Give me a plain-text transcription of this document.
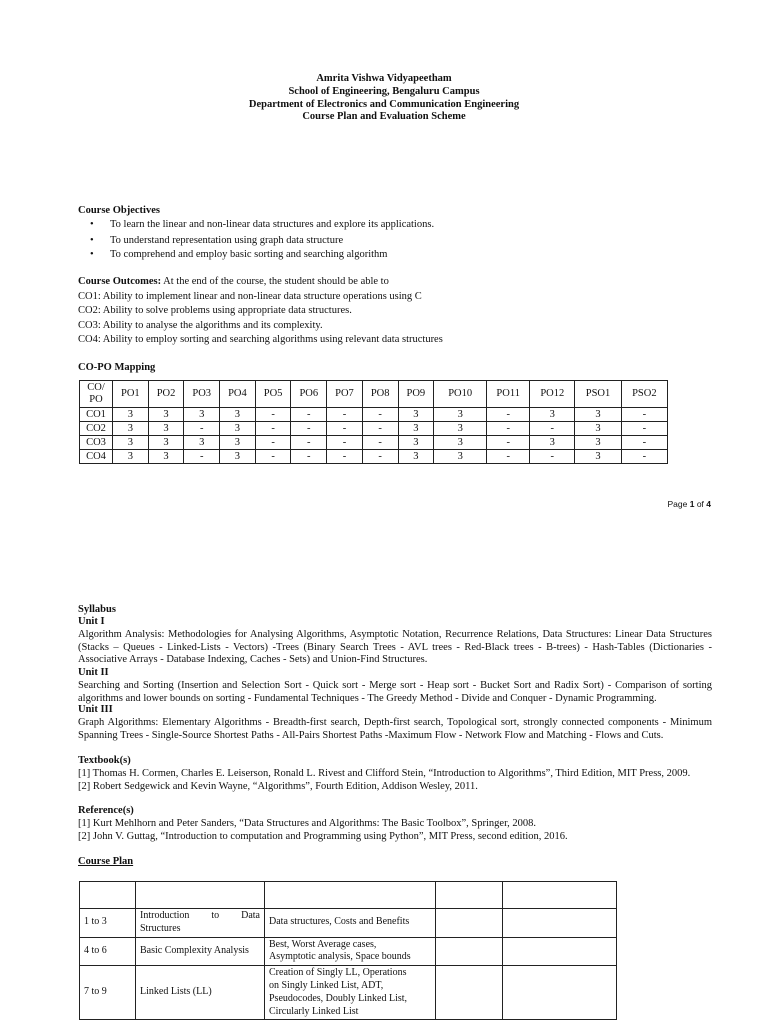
Amrita Vishwa Vidyapeetham
School of Engineering, Bengaluru Campus
Department of Electronics and Communication Engineering
Course Plan and Evaluation Scheme
Course Objectives
• To learn the linear and non-linear data structures and explore its applications.
• To understand representation using graph data structure
• To comprehend and employ basic sorting and searching algorithm
Course Outcomes: At the end of the course, the student should be able to
CO1: Ability to implement linear and non-linear data structure operations using C
CO2: Ability to solve problems using appropriate data structures.
CO3: Ability to analyse the algorithms and its complexity.
CO4: Ability to employ sorting and searching algorithms using relevant data structures
CO-PO Mapping
CO/
PO	PO1	PO2	PO3	PO4	PO5	PO6	PO7	PO8	PO9	PO10	PO11	PO12	PSO1	PSO2
CO1	3	3	3	3	-	-	-	-	3	3	-	3	3	-
CO2	3	3	-	3	-	-	-	-	3	3	-	-	3	-
CO3	3	3	3	3	-	-	-	-	3	3	-	3	3	-
CO4	3	3	-	3	-	-	-	-	3	3	-	-	3	-
Page 1 of 4
Syllabus
Unit I
Algorithm Analysis: Methodologies for Analysing Algorithms, Asymptotic Notation, Recurrence Relations, Data Structures: Linear Data Structures (Stacks – Queues - Linked-Lists - Vectors) -Trees (Binary Search Trees - AVL trees - Red-Black trees - B-trees) - Hash-Tables (Dictionaries - Associative Arrays - Database Indexing, Caches - Sets) and Union-Find Structures.
Unit II
Searching and Sorting (Insertion and Selection Sort - Quick sort - Merge sort - Heap sort - Bucket Sort and Radix Sort) - Comparison of sorting algorithms and lower bounds on sorting - Fundamental Techniques - The Greedy Method - Divide and Conquer - Dynamic Programming.
Unit III
Graph Algorithms: Elementary Algorithms - Breadth-first search, Depth-first search, Topological sort, strongly connected components - Minimum Spanning Trees - Single-Source Shortest Paths - All-Pairs Shortest Paths -Maximum Flow - Network Flow and Matching - Flows and Cuts.
Textbook(s)
[1] Thomas H. Cormen, Charles E. Leiserson, Ronald L. Rivest and Clifford Stein, “Introduction to Algorithms”, Third Edition, MIT Press, 2009.
[2] Robert Sedgewick and Kevin Wayne, “Algorithms”, Fourth Edition, Addison Wesley, 2011.
Reference(s)
[1] Kurt Mehlhorn and Peter Sanders, “Data Structures and Algorithms: The Basic Toolbox”, Springer, 2008.
[2] John V. Guttag, “Introduction to computation and Programming using Python”, MIT Press, second edition, 2016.
Course Plan

1 to 3	Introduction to Data Structures	Data structures, Costs and Benefits		
4 to 6	Basic Complexity Analysis	Best, Worst Average cases,
Asymptotic analysis, Space bounds		

7 to 9	Linked Lists (LL)	Creation of Singly LL, Operations
on Singly Linked List, ADT,
Pseudocodes, Doubly Linked List,
Circularly Linked List		
